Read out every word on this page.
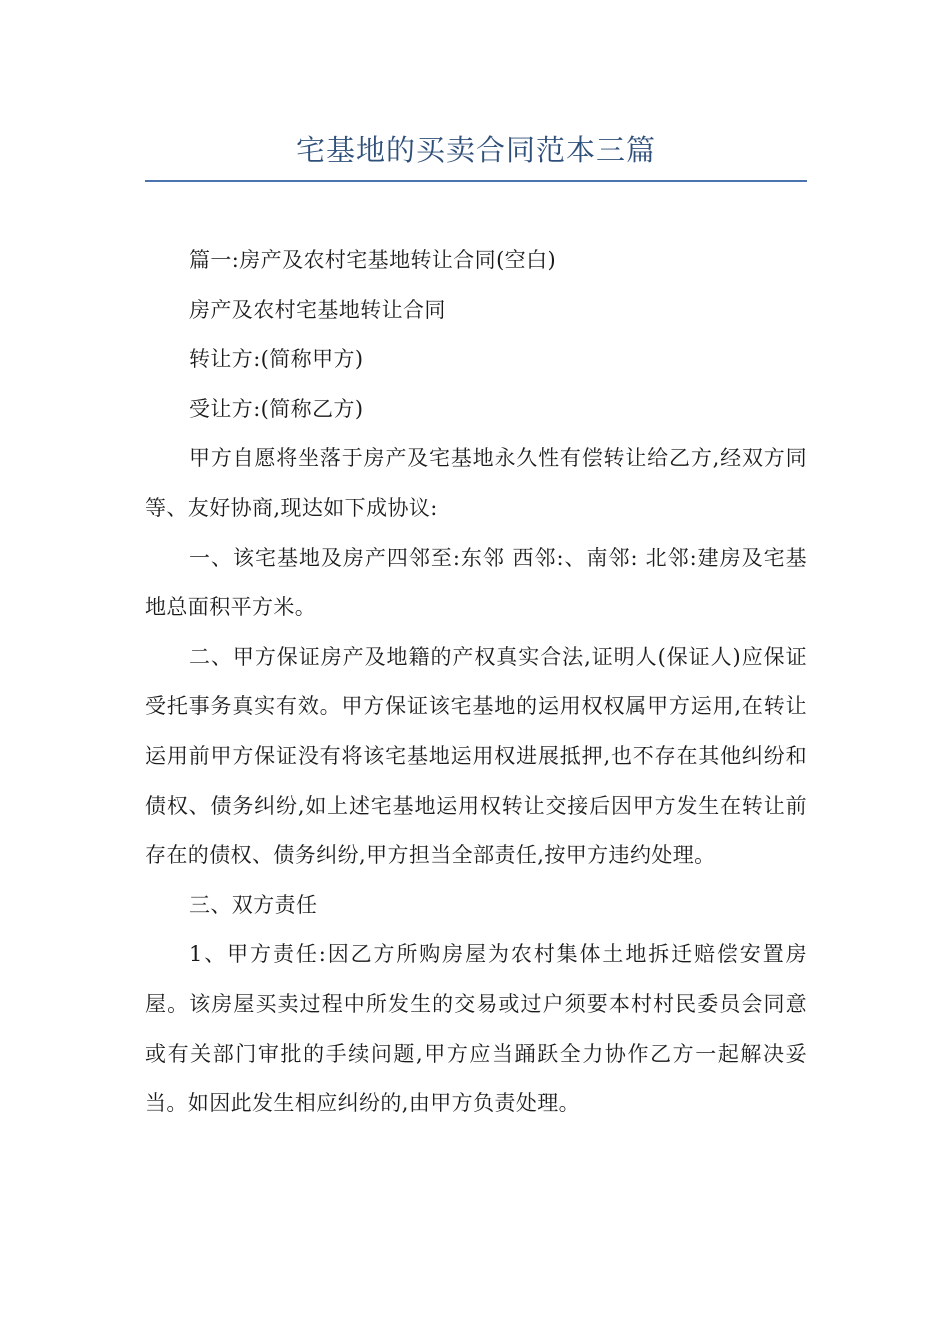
宅基地的买卖合同范本三篇

篇一:房产及农村宅基地转让合同(空白)

房产及农村宅基地转让合同

转让方:(简称甲方)

受让方:(简称乙方)

甲方自愿将坐落于房产及宅基地永久性有偿转让给乙方,经双方同等、友好协商,现达如下成协议:

一、该宅基地及房产四邻至:东邻 西邻:、南邻: 北邻:建房及宅基地总面积平方米。

二、甲方保证房产及地籍的产权真实合法,证明人(保证人)应保证受托事务真实有效。甲方保证该宅基地的运用权权属甲方运用,在转让运用前甲方保证没有将该宅基地运用权进展抵押,也不存在其他纠纷和债权、债务纠纷,如上述宅基地运用权转让交接后因甲方发生在转让前存在的债权、债务纠纷,甲方担当全部责任,按甲方违约处理。

三、双方责任

1、甲方责任:因乙方所购房屋为农村集体土地拆迁赔偿安置房屋。该房屋买卖过程中所发生的交易或过户须要本村村民委员会同意或有关部门审批的手续问题,甲方应当踊跃全力协作乙方一起解决妥当。如因此发生相应纠纷的,由甲方负责处理。
